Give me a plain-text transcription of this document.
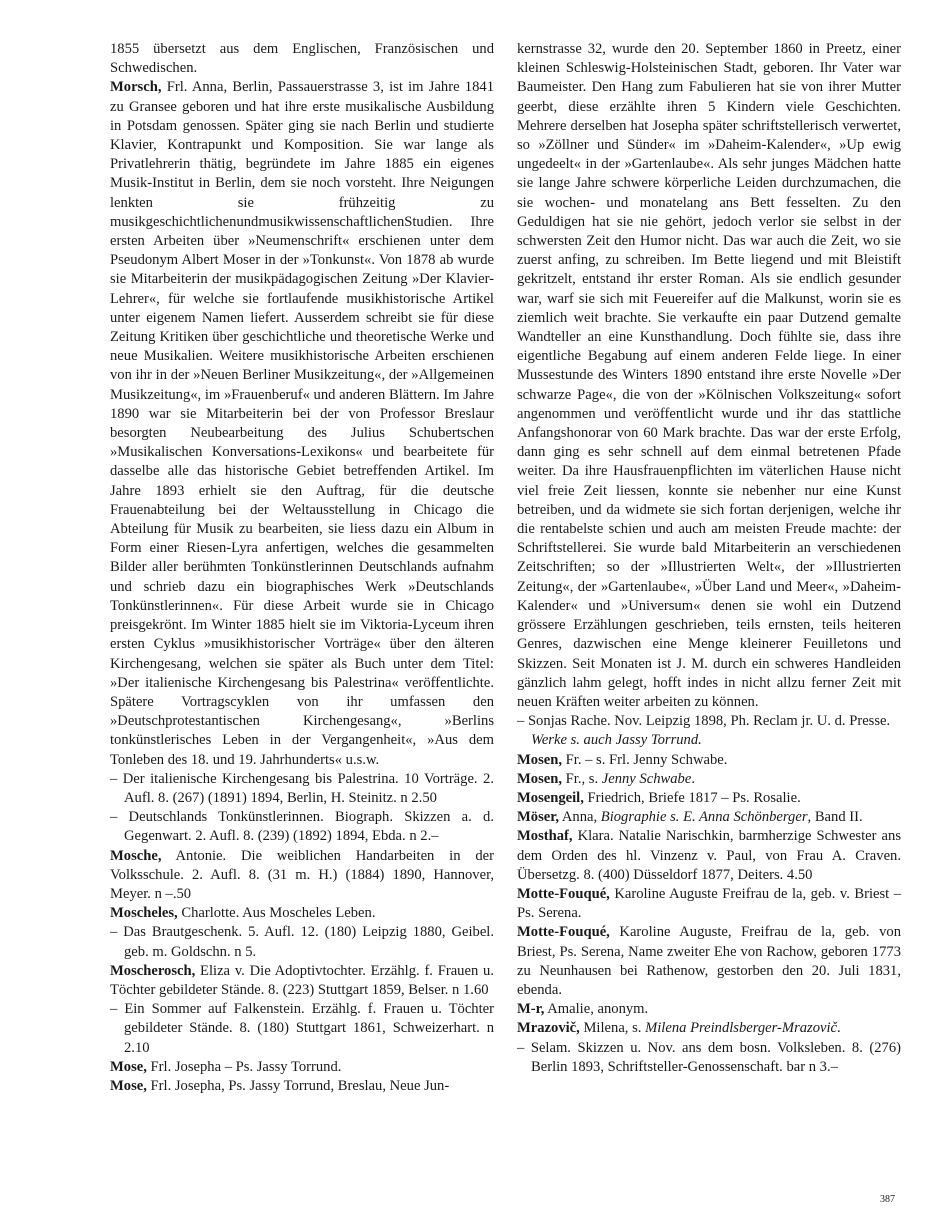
1855 übersetzt aus dem Englischen, Französischen und Schwedischen.

Morsch, Frl. Anna, Berlin, Passauerstrasse 3, ist im Jahre 1841 zu Gransee geboren und hat ihre erste musikalische Ausbildung in Potsdam genossen. Später ging sie nach Berlin und studierte Klavier, Kontrapunkt und Komposition. Sie war lange als Privatlehrerin thätig, begründete im Jahre 1885 ein eigenes Musik-Institut in Berlin, dem sie noch vorsteht. Ihre Neigungen lenkten sie frühzeitig zu musikgeschichtlichenundmusikwissenschaftlichenStudien. Ihre ersten Arbeiten über »Neumenschrift« erschienen unter dem Pseudonym Albert Moser in der »Tonkunst«. Von 1878 ab wurde sie Mitarbeiterin der musikpädagogischen Zeitung »Der Klavier-Lehrer«, für welche sie fortlaufende musikhistorische Artikel unter eigenem Namen liefert. Ausserdem schreibt sie für diese Zeitung Kritiken über geschichtliche und theoretische Werke und neue Musikalien. Weitere musikhistorische Arbeiten erschienen von ihr in der »Neuen Berliner Musikzeitung«, der »Allgemeinen Musikzeitung«, im »Frauenberuf« und anderen Blättern. Im Jahre 1890 war sie Mitarbeiterin bei der von Professor Breslaur besorgten Neubearbeitung des Julius Schubertschen »Musikalischen Konversations-Lexikons« und bearbeitete für dasselbe alle das historische Gebiet betreffenden Artikel. Im Jahre 1893 erhielt sie den Auftrag, für die deutsche Frauenabteilung bei der Weltausstellung in Chicago die Abteilung für Musik zu bearbeiten, sie liess dazu ein Album in Form einer Riesen-Lyra anfertigen, welches die gesammelten Bilder aller berühmten Tonkünstlerinnen Deutschlands aufnahm und schrieb dazu ein biographisches Werk »Deutschlands Tonkünstlerinnen«. Für diese Arbeit wurde sie in Chicago preisgekrönt. Im Winter 1885 hielt sie im Viktoria-Lyceum ihren ersten Cyklus »musikhistorischer Vorträge« über den älteren Kirchengesang, welchen sie später als Buch unter dem Titel: »Der italienische Kirchengesang bis Palestrina« veröffentlichte. Spätere Vortragscyklen von ihr umfassen den »Deutschprotestantischen Kirchengesang«, »Berlins tonkünstlerisches Leben in der Vergangenheit«, »Aus dem Tonleben des 18. und 19. Jahrhunderts« u.s.w.

– Der italienische Kirchengesang bis Palestrina. 10 Vorträge. 2. Aufl. 8. (267) (1891) 1894, Berlin, H. Steinitz. n 2.50

– Deutschlands Tonkünstlerinnen. Biograph. Skizzen a. d. Gegenwart. 2. Aufl. 8. (239) (1892) 1894, Ebda. n 2.–

Mosche, Antonie. Die weiblichen Handarbeiten in der Volksschule. 2. Aufl. 8. (31 m. H.) (1884) 1890, Hannover, Meyer. n –.50

Moscheles, Charlotte. Aus Moscheles Leben.

– Das Brautgeschenk. 5. Aufl. 12. (180) Leipzig 1880, Geibel. geb. m. Goldschn. n 5.

Moscherosch, Eliza v. Die Adoptivtochter. Erzählg. f. Frauen u. Töchter gebildeter Stände. 8. (223) Stuttgart 1859, Belser. n 1.60

– Ein Sommer auf Falkenstein. Erzählg. f. Frauen u. Töchter gebildeter Stände. 8. (180) Stuttgart 1861, Schweizerhart. n 2.10

Mose, Frl. Josepha – Ps. Jassy Torrund.

Mose, Frl. Josepha, Ps. Jassy Torrund, Breslau, Neue Jun-

kernstrasse 32, wurde den 20. September 1860 in Preetz, einer kleinen Schleswig-Holsteinischen Stadt, geboren. Ihr Vater war Baumeister. Den Hang zum Fabulieren hat sie von ihrer Mutter geerbt, diese erzählte ihren 5 Kindern viele Geschichten. Mehrere derselben hat Josepha später schriftstellerisch verwertet, so »Zöllner und Sünder« im »Daheim-Kalender«, »Up ewig ungedeelt« in der »Gartenlaube«. Als sehr junges Mädchen hatte sie lange Jahre schwere körperliche Leiden durchzumachen, die sie wochen- und monatelang ans Bett fesselten. Zu den Geduldigen hat sie nie gehört, jedoch verlor sie selbst in der schwersten Zeit den Humor nicht. Das war auch die Zeit, wo sie zuerst anfing, zu schreiben. Im Bette liegend und mit Bleistift gekritzelt, entstand ihr erster Roman. Als sie endlich gesunder war, warf sie sich mit Feuereifer auf die Malkunst, worin sie es ziemlich weit brachte. Sie verkaufte ein paar Dutzend gemalte Wandteller an eine Kunsthandlung. Doch fühlte sie, dass ihre eigentliche Begabung auf einem anderen Felde liege. In einer Mussestunde des Winters 1890 entstand ihre erste Novelle »Der schwarze Page«, die von der »Kölnischen Volkszeitung« sofort angenommen und veröffentlicht wurde und ihr das stattliche Anfangshonorar von 60 Mark brachte. Das war der erste Erfolg, dann ging es sehr schnell auf dem einmal betretenen Pfade weiter. Da ihre Hausfrauenpflichten im väterlichen Hause nicht viel freie Zeit liessen, konnte sie nebenher nur eine Kunst betreiben, und da widmete sie sich fortan derjenigen, welche ihr die rentabelste schien und auch am meisten Freude machte: der Schriftstellerei. Sie wurde bald Mitarbeiterin an verschiedenen Zeitschriften; so der »Illustrierten Welt«, der »Illustrierten Zeitung«, der »Gartenlaube«, »Über Land und Meer«, »Daheim-Kalender« und »Universum« denen sie wohl ein Dutzend grössere Erzählungen geschrieben, teils ernsten, teils heiteren Genres, dazwischen eine Menge kleinerer Feuilletons und Skizzen. Seit Monaten ist J. M. durch ein schweres Handleiden gänzlich lahm gelegt, hofft indes in nicht allzu ferner Zeit mit neuen Kräften weiter arbeiten zu können.

– Sonjas Rache. Nov. Leipzig 1898, Ph. Reclam jr. U. d. Presse.

Werke s. auch Jassy Torrund.

Mosen, Fr. – s. Frl. Jenny Schwabe.

Mosen, Fr., s. Jenny Schwabe.

Mosengeil, Friedrich, Briefe 1817 – Ps. Rosalie.

Möser, Anna, Biographie s. E. Anna Schönberger, Band II.

Mosthaf, Klara. Natalie Narischkin, barmherzige Schwester ans dem Orden des hl. Vinzenz v. Paul, von Frau A. Craven. Übersetzg. 8. (400) Düsseldorf 1877, Deiters. 4.50

Motte-Fouqué, Karoline Auguste Freifrau de la, geb. v. Briest – Ps. Serena.

Motte-Fouqué, Karoline Auguste, Freifrau de la, geb. von Briest, Ps. Serena, Name zweiter Ehe von Rachow, geboren 1773 zu Neunhausen bei Rathenow, gestorben den 20. Juli 1831, ebenda.

M-r, Amalie, anonym.

Mrazovič, Milena, s. Milena Preindlsberger-Mrazovič.

– Selam. Skizzen u. Nov. ans dem bosn. Volksleben. 8. (276) Berlin 1893, Schriftsteller-Genossenschaft. bar n 3.–

387
